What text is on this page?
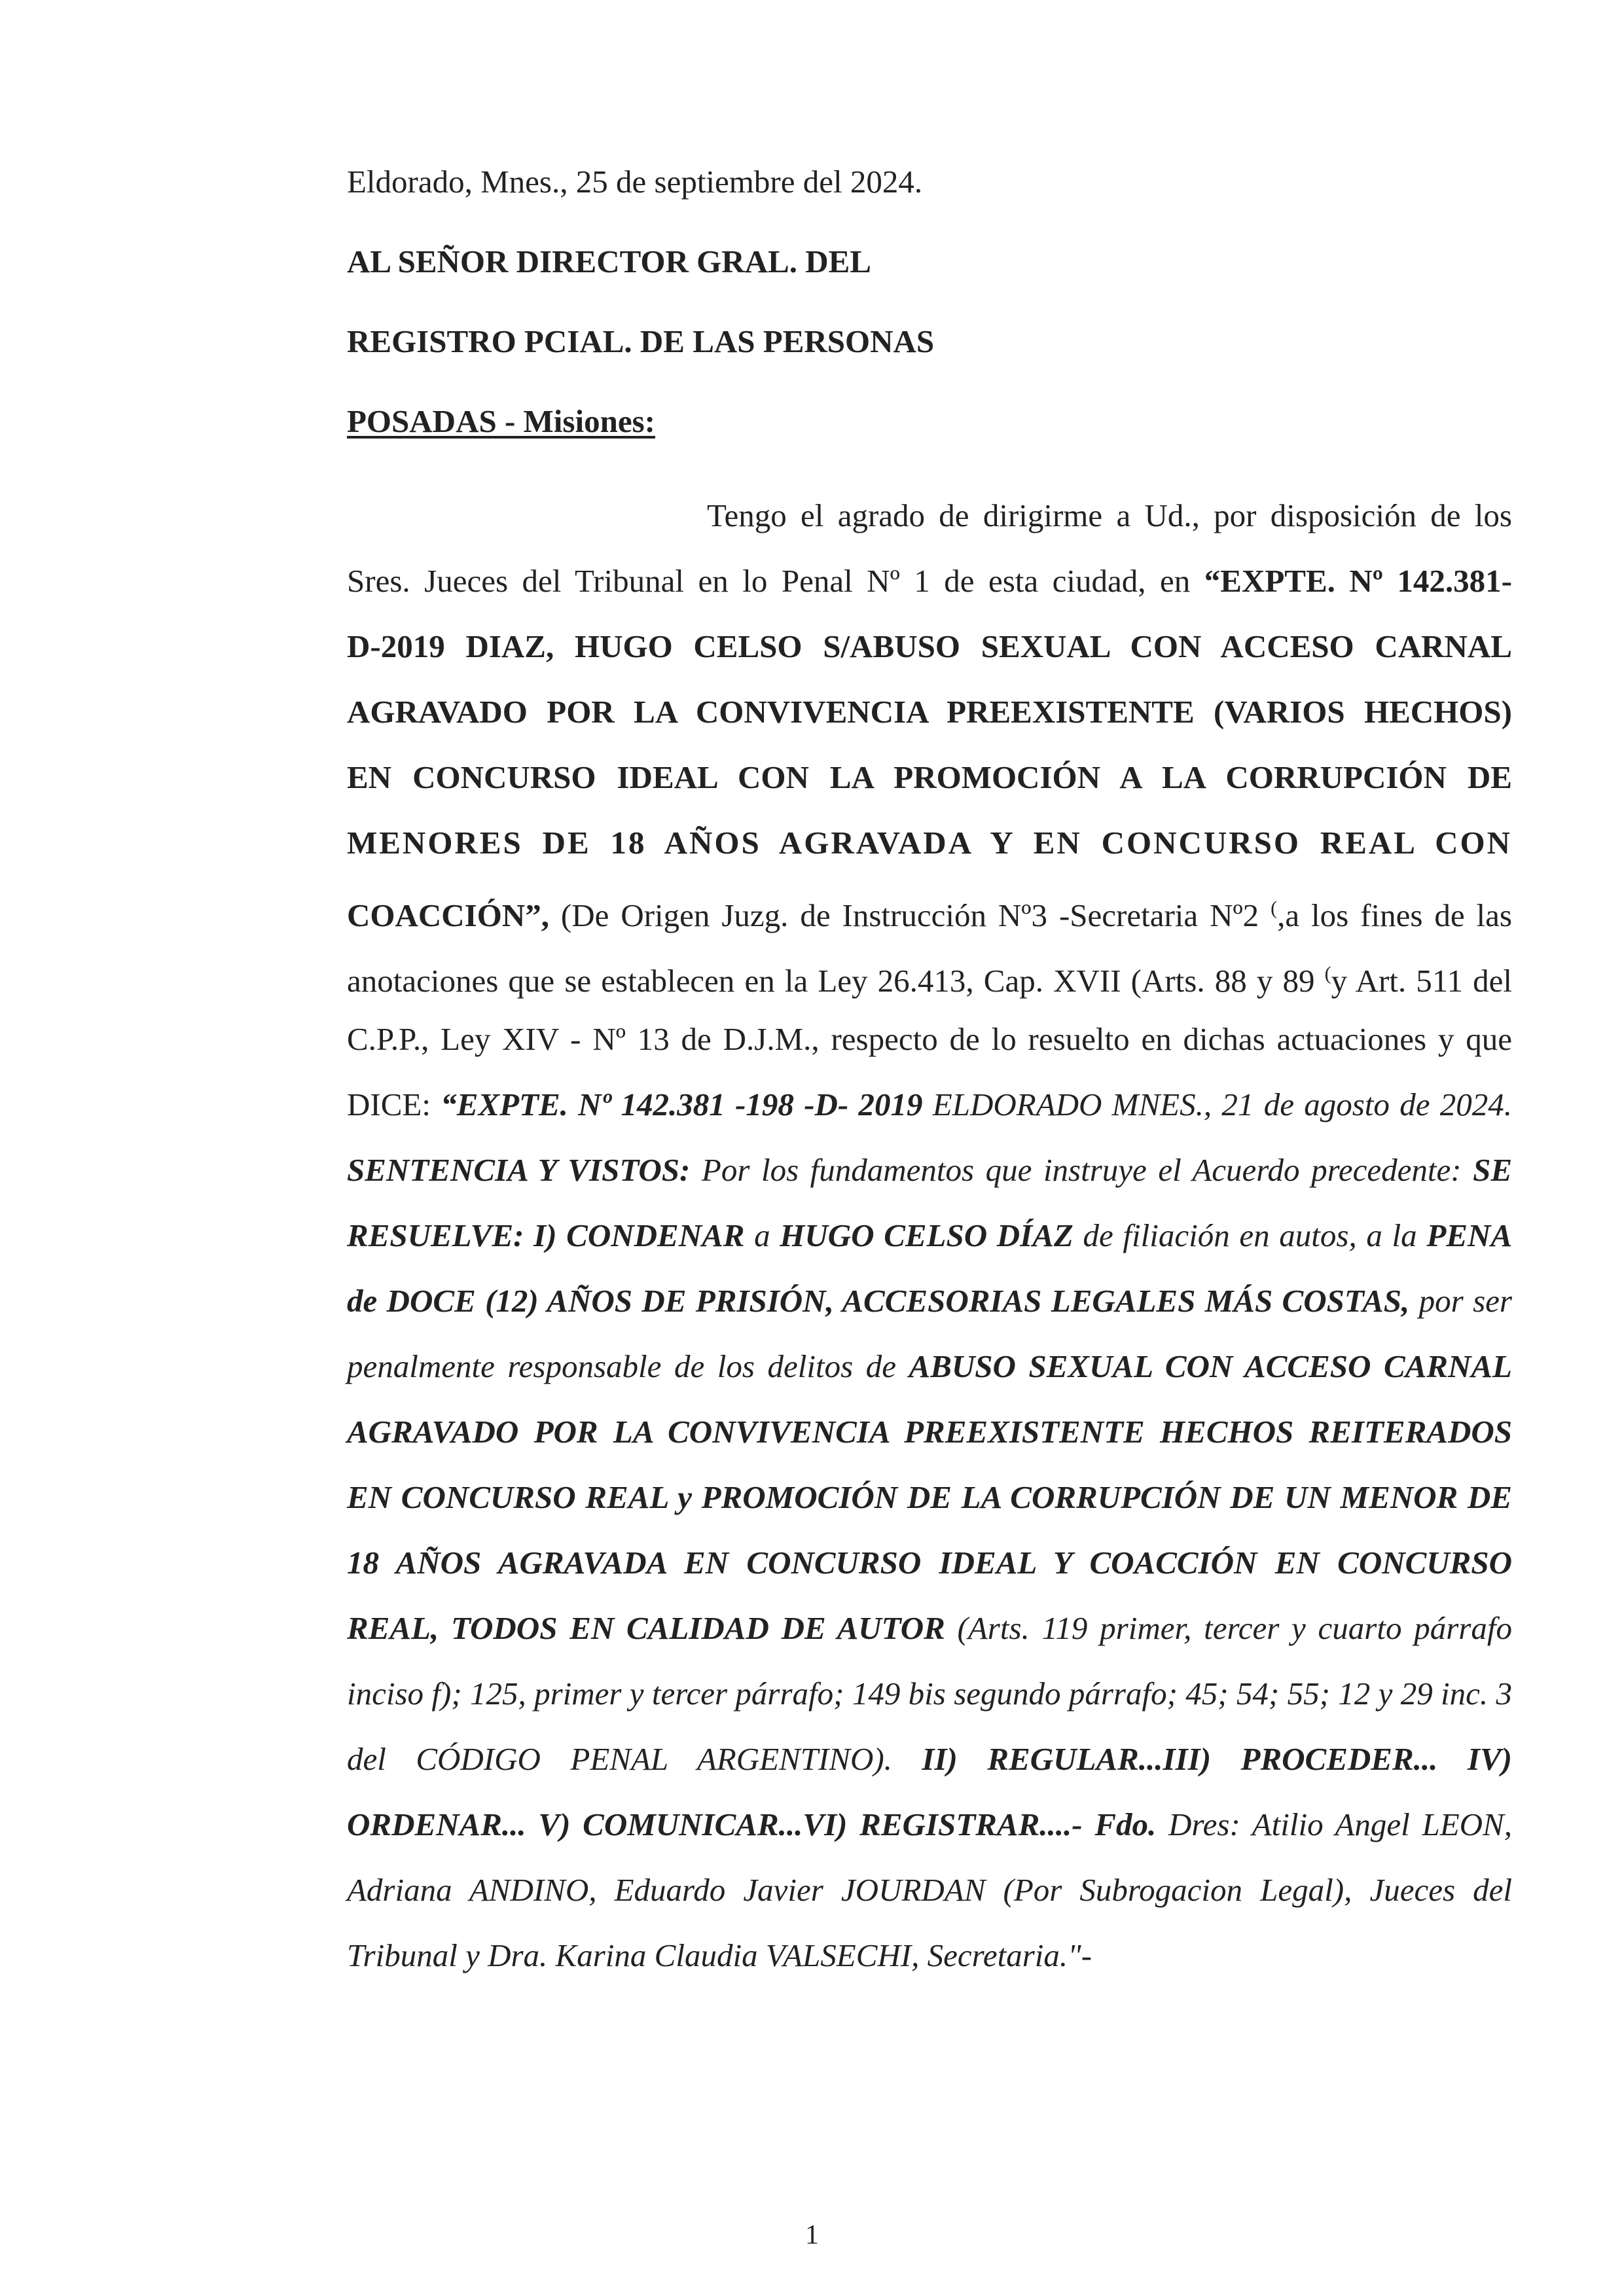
Eldorado, Mnes., 25 de septiembre del 2024.
AL SEÑOR DIRECTOR GRAL. DEL
REGISTRO PCIAL. DE LAS PERSONAS
POSADAS - Misiones:
Tengo el agrado de dirigirme a Ud., por disposición de los
Sres. Jueces del Tribunal en lo Penal Nº 1 de esta ciudad, en “EXPTE. Nº 142.381-
D-2019 DIAZ, HUGO CELSO S/ABUSO SEXUAL CON ACCESO CARNAL
AGRAVADO POR LA CONVIVENCIA PREEXISTENTE (VARIOS HECHOS)
EN CONCURSO IDEAL CON LA PROMOCIÓN A LA CORRUPCIÓN DE
MENORES DE 18 AÑOS AGRAVADA Y EN CONCURSO REAL CON
COACCIÓN”, (De Origen Juzg. de Instrucción Nº3 -Secretaria Nº2 (,a los fines de las
anotaciones que se establecen en la Ley 26.413, Cap. XVII (Arts. 88 y 89 (y Art. 511 del
C.P.P., Ley XIV - Nº 13 de D.J.M., respecto de lo resuelto en dichas actuaciones y que
DICE: “EXPTE. Nº 142.381 -198 -D- 2019 ELDORADO MNES., 21 de agosto de 2024.
SENTENCIA Y VISTOS: Por los fundamentos que instruye el Acuerdo precedente: SE
RESUELVE: I) CONDENAR a HUGO CELSO DÍAZ de filiación en autos, a la PENA
de DOCE (12) AÑOS DE PRISIÓN, ACCESORIAS LEGALES MÁS COSTAS, por ser
penalmente responsable de los delitos de ABUSO SEXUAL CON ACCESO CARNAL
AGRAVADO POR LA CONVIVENCIA PREEXISTENTE HECHOS REITERADOS
EN CONCURSO REAL y PROMOCIÓN DE LA CORRUPCIÓN DE UN MENOR DE
18 AÑOS AGRAVADA EN CONCURSO IDEAL Y COACCIÓN EN CONCURSO
REAL, TODOS EN CALIDAD DE AUTOR (Arts. 119 primer, tercer y cuarto párrafo
inciso f); 125, primer y tercer párrafo; 149 bis segundo párrafo; 45; 54; 55; 12 y 29 inc. 3
del CÓDIGO PENAL ARGENTINO). II) REGULAR...III) PROCEDER... IV)
ORDENAR... V) COMUNICAR...VI) REGISTRAR....- Fdo. Dres: Atilio Angel LEON,
Adriana ANDINO, Eduardo Javier JOURDAN (Por Subrogacion Legal), Jueces del
Tribunal y Dra. Karina Claudia VALSECHI, Secretaria."-
1
